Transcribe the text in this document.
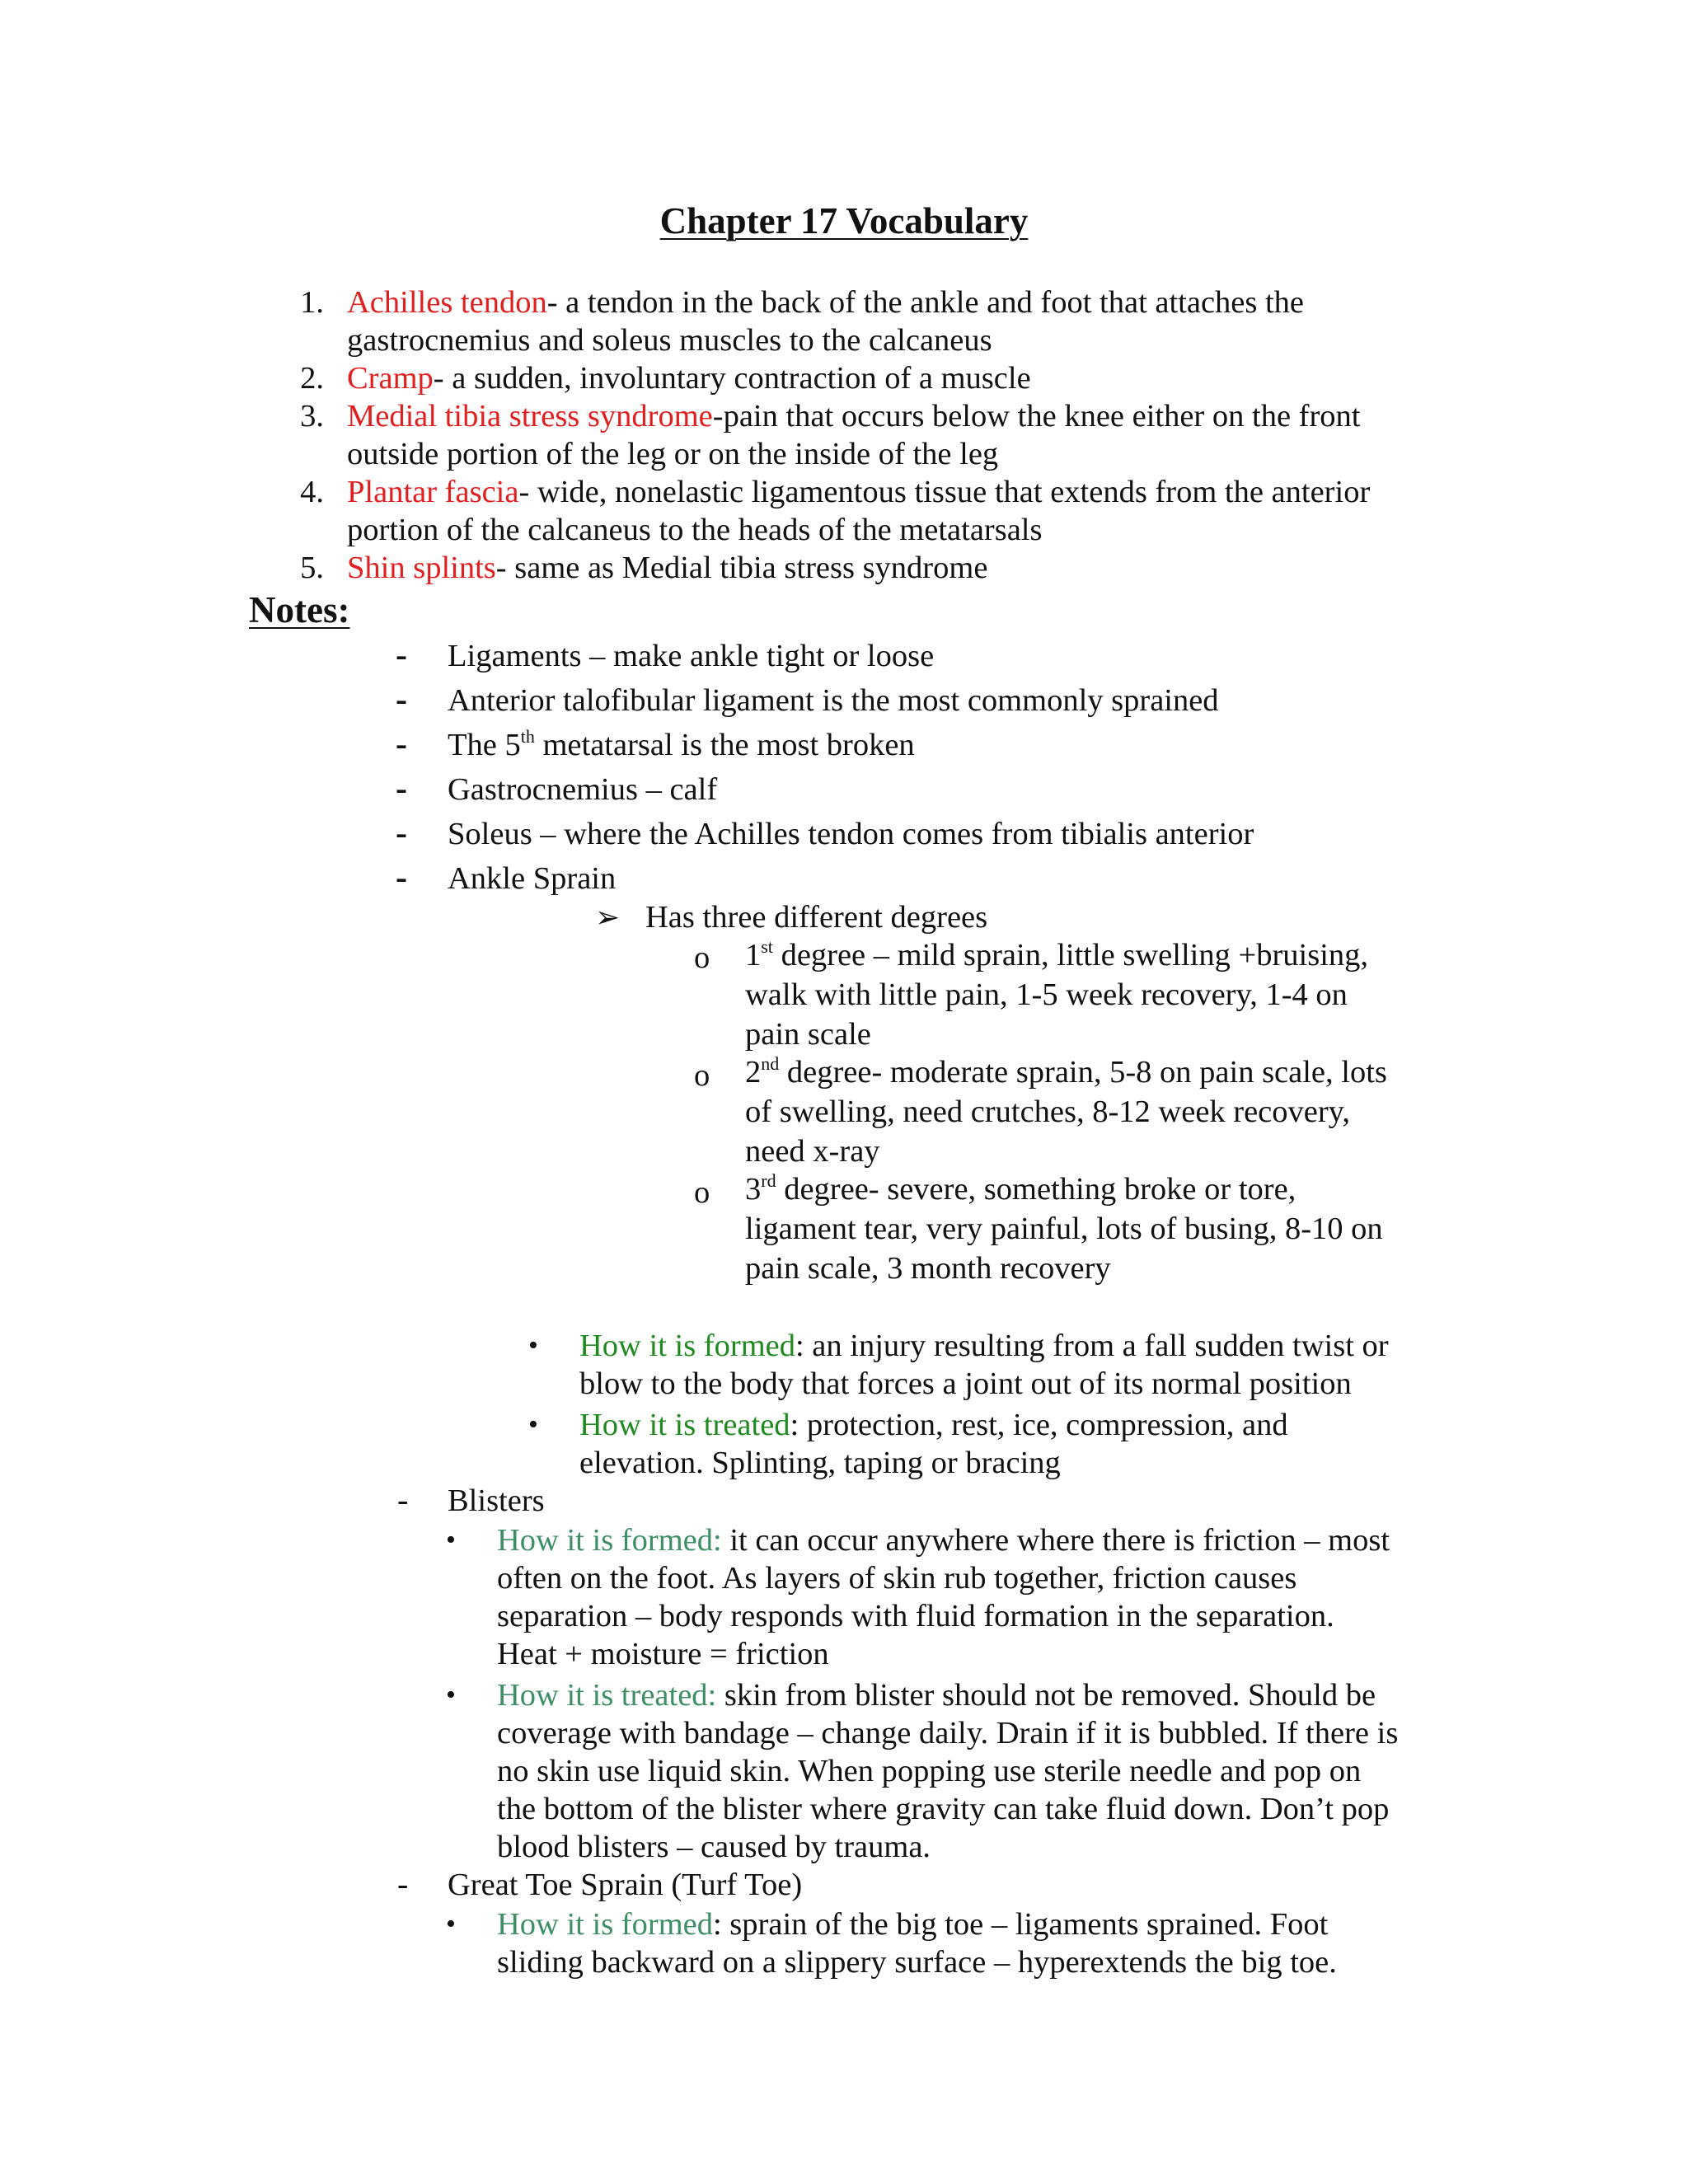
Chapter 17 Vocabulary
1. Achilles tendon- a tendon in the back of the ankle and foot that attaches the
gastrocnemius and soleus muscles to the calcaneus
2. Cramp- a sudden, involuntary contraction of a muscle
3. Medial tibia stress syndrome-pain that occurs below the knee either on the front
outside portion of the leg or on the inside of the leg
4. Plantar fascia- wide, nonelastic ligamentous tissue that extends from the anterior
portion of the calcaneus to the heads of the metatarsals
5. Shin splints- same as Medial tibia stress syndrome
Notes:
- Ligaments – make ankle tight or loose
- Anterior talofibular ligament is the most commonly sprained
- The 5th metatarsal is the most broken
- Gastrocnemius – calf
- Soleus – where the Achilles tendon comes from tibialis anterior
- Ankle Sprain
➢ Has three different degrees
o 1st degree – mild sprain, little swelling +bruising,
walk with little pain, 1-5 week recovery, 1-4 on
pain scale
o 2nd degree- moderate sprain, 5-8 on pain scale, lots
of swelling, need crutches, 8-12 week recovery,
need x-ray
o 3rd degree- severe, something broke or tore,
ligament tear, very painful, lots of busing, 8-10 on
pain scale, 3 month recovery
• How it is formed: an injury resulting from a fall sudden twist or
blow to the body that forces a joint out of its normal position
• How it is treated: protection, rest, ice, compression, and
elevation. Splinting, taping or bracing
- Blisters
• How it is formed: it can occur anywhere where there is friction – most
often on the foot. As layers of skin rub together, friction causes
separation – body responds with fluid formation in the separation.
Heat + moisture = friction
• How it is treated: skin from blister should not be removed. Should be
coverage with bandage – change daily. Drain if it is bubbled. If there is
no skin use liquid skin. When popping use sterile needle and pop on
the bottom of the blister where gravity can take fluid down. Don’t pop
blood blisters – caused by trauma.
- Great Toe Sprain (Turf Toe)
• How it is formed: sprain of the big toe – ligaments sprained. Foot
sliding backward on a slippery surface – hyperextends the big toe.
